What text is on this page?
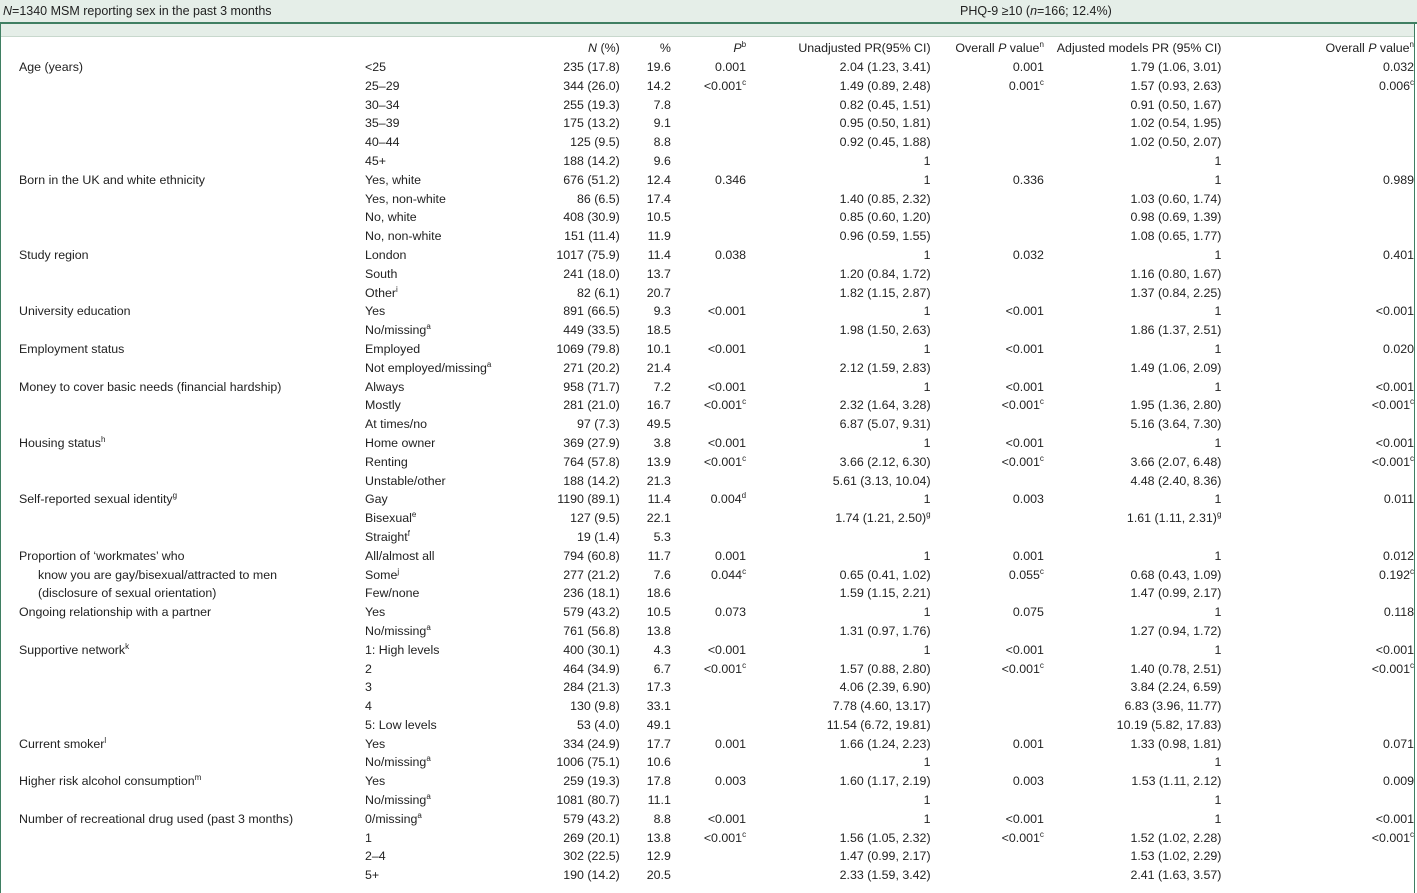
N=1340 MSM reporting sex in the past 3 months	PHQ-9 ≥10 (n=166; 12.4%)
		N (%)	%	$P^b$	Unadjusted PR(95% CI)	Overall P value$^n$	Adjusted models PR (95% CI)	Overall P value$^n$
Age (years)	<25	235 (17.8)	19.6	0.001	2.04 (1.23, 3.41)	0.001	1.79 (1.06, 3.01)	0.032
	25–29	344 (26.0)	14.2	<0.001$^c$	1.49 (0.89, 2.48)	0.001$^c$	1.57 (0.93, 2.63)	0.006$^c$
	30–34	255 (19.3)	7.8		0.82 (0.45, 1.51)		0.91 (0.50, 1.67)	
	35–39	175 (13.2)	9.1		0.95 (0.50, 1.81)		1.02 (0.54, 1.95)	
	40–44	125 (9.5)	8.8		0.92 (0.45, 1.88)		1.02 (0.50, 2.07)	
	45+	188 (14.2)	9.6		1		1	
Born in the UK and white ethnicity	Yes, white	676 (51.2)	12.4	0.346	1	0.336	1	0.989
	Yes, non-white	86 (6.5)	17.4		1.40 (0.85, 2.32)		1.03 (0.60, 1.74)	
	No, white	408 (30.9)	10.5		0.85 (0.60, 1.20)		0.98 (0.69, 1.39)	
	No, non-white	151 (11.4)	11.9		0.96 (0.59, 1.55)		1.08 (0.65, 1.77)	
Study region	London	1017 (75.9)	11.4	0.038	1	0.032	1	0.401
	South	241 (18.0)	13.7		1.20 (0.84, 1.72)		1.16 (0.80, 1.67)	
	Other$^i$	82 (6.1)	20.7		1.82 (1.15, 2.87)		1.37 (0.84, 2.25)	
University education	Yes	891 (66.5)	9.3	<0.001	1	<0.001	1	<0.001
	No/missing$^a$	449 (33.5)	18.5		1.98 (1.50, 2.63)		1.86 (1.37, 2.51)	
Employment status	Employed	1069 (79.8)	10.1	<0.001	1	<0.001	1	0.020
	Not employed/missing$^a$	271 (20.2)	21.4		2.12 (1.59, 2.83)		1.49 (1.06, 2.09)	
Money to cover basic needs (financial hardship)	Always	958 (71.7)	7.2	<0.001	1	<0.001	1	<0.001
	Mostly	281 (21.0)	16.7	<0.001$^c$	2.32 (1.64, 3.28)	<0.001$^c$	1.95 (1.36, 2.80)	<0.001$^c$
	At times/no	97 (7.3)	49.5		6.87 (5.07, 9.31)		5.16 (3.64, 7.30)	
Housing status$^h$	Home owner	369 (27.9)	3.8	<0.001	1	<0.001	1	<0.001
	Renting	764 (57.8)	13.9	<0.001$^c$	3.66 (2.12, 6.30)	<0.001$^c$	3.66 (2.07, 6.48)	<0.001$^c$
	Unstable/other	188 (14.2)	21.3		5.61 (3.13, 10.04)		4.48 (2.40, 8.36)	
Self-reported sexual identity$^g$	Gay	1190 (89.1)	11.4	0.004$^d$	1	0.003	1	0.011
	Bisexual$^e$	127 (9.5)	22.1		1.74 (1.21, 2.50)$^g$		1.61 (1.11, 2.31)$^g$	
	Straight$^f$	19 (1.4)	5.3					
Proportion of ‘workmates’ who	All/almost all	794 (60.8)	11.7	0.001	1	0.001	1	0.012
know you are gay/bisexual/attracted to men	Some$^j$	277 (21.2)	7.6	0.044$^c$	0.65 (0.41, 1.02)	0.055$^c$	0.68 (0.43, 1.09)	0.192$^c$
(disclosure of sexual orientation)	Few/none	236 (18.1)	18.6		1.59 (1.15, 2.21)		1.47 (0.99, 2.17)	
Ongoing relationship with a partner	Yes	579 (43.2)	10.5	0.073	1	0.075	1	0.118
	No/missing$^a$	761 (56.8)	13.8		1.31 (0.97, 1.76)		1.27 (0.94, 1.72)	
Supportive network$^k$	1: High levels	400 (30.1)	4.3	<0.001	1	<0.001	1	<0.001
	2	464 (34.9)	6.7	<0.001$^c$	1.57 (0.88, 2.80)	<0.001$^c$	1.40 (0.78, 2.51)	<0.001$^c$
	3	284 (21.3)	17.3		4.06 (2.39, 6.90)		3.84 (2.24, 6.59)	
	4	130 (9.8)	33.1		7.78 (4.60, 13.17)		6.83 (3.96, 11.77)	
	5: Low levels	53 (4.0)	49.1		11.54 (6.72, 19.81)		10.19 (5.82, 17.83)	
Current smoker$^l$	Yes	334 (24.9)	17.7	0.001	1.66 (1.24, 2.23)	0.001	1.33 (0.98, 1.81)	0.071
	No/missing$^a$	1006 (75.1)	10.6		1		1	
Higher risk alcohol consumption$^m$	Yes	259 (19.3)	17.8	0.003	1.60 (1.17, 2.19)	0.003	1.53 (1.11, 2.12)	0.009
	No/missing$^a$	1081 (80.7)	11.1		1		1	
Number of recreational drug used (past 3 months)	0/missing$^a$	579 (43.2)	8.8	<0.001	1	<0.001	1	<0.001
	1	269 (20.1)	13.8	<0.001$^c$	1.56 (1.05, 2.32)	<0.001$^c$	1.52 (1.02, 2.28)	<0.001$^c$
	2–4	302 (22.5)	12.9		1.47 (0.99, 2.17)		1.53 (1.02, 2.29)	
	5+	190 (14.2)	20.5		2.33 (1.59, 3.42)		2.41 (1.63, 3.57)	
